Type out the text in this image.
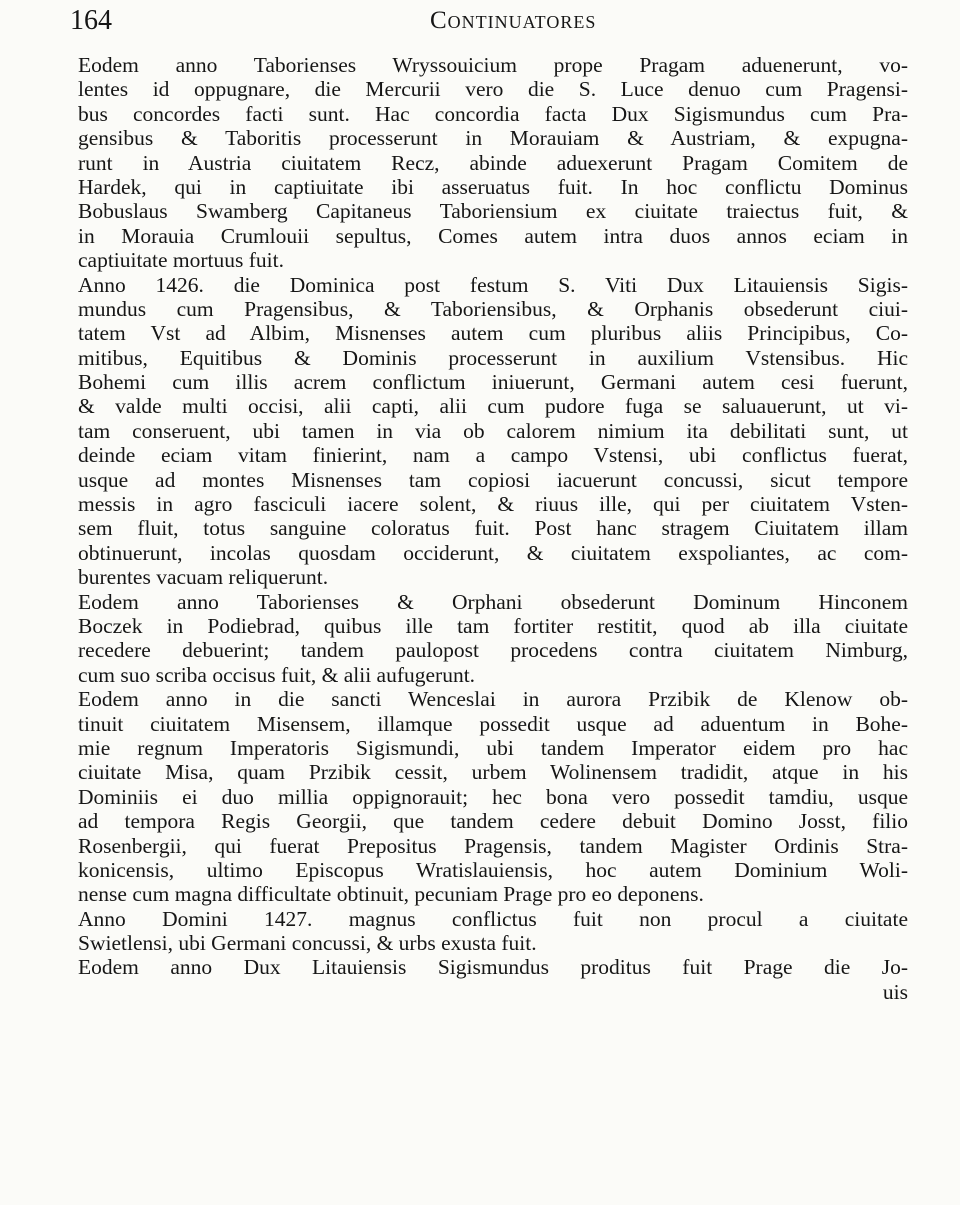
164	Continuatores
Eodem anno Taborienses Wryssouicium prope Pragam aduenerunt, vo-
lentes id oppugnare, die Mercurii vero die S. Luce denuo cum Pragensi-
bus concordes facti sunt. Hac concordia facta Dux Sigismundus cum Pra-
gensibus & Taboritis processerunt in Morauiam & Austriam, & expugna-
runt in Austria ciuitatem Recz, abinde aduexerunt Pragam Comitem de
Hardek, qui in captiuitate ibi asseruatus fuit. In hoc conflictu Dominus
Bobuslaus Swamberg Capitaneus Taboriensium ex ciuitate traiectus fuit, &
in Morauia Crumlouii sepultus, Comes autem intra duos annos eciam in
captiuitate mortuus fuit.
Anno 1426. die Dominica post festum S. Viti Dux Litauiensis Sigis-
mundus cum Pragensibus, & Taboriensibus, & Orphanis obsederunt ciui-
tatem Vst ad Albim, Misnenses autem cum pluribus aliis Principibus, Co-
mitibus, Equitibus & Dominis processerunt in auxilium Vstensibus. Hic
Bohemi cum illis acrem conflictum iniuerunt, Germani autem cesi fuerunt,
& valde multi occisi, alii capti, alii cum pudore fuga se saluauerunt, ut vi-
tam conseruent, ubi tamen in via ob calorem nimium ita debilitati sunt, ut
deinde eciam vitam finierint, nam a campo Vstensi, ubi conflictus fuerat,
usque ad montes Misnenses tam copiosi iacuerunt concussi, sicut tempore
messis in agro fasciculi iacere solent, & riuus ille, qui per ciuitatem Vsten-
sem fluit, totus sanguine coloratus fuit. Post hanc stragem Ciuitatem illam
obtinuerunt, incolas quosdam occiderunt, & ciuitatem exspoliantes, ac com-
burentes vacuam reliquerunt.
Eodem anno Taborienses & Orphani obsederunt Dominum Hinconem
Boczek in Podiebrad, quibus ille tam fortiter restitit, quod ab illa ciuitate
recedere debuerint; tandem paulopost procedens contra ciuitatem Nimburg,
cum suo scriba occisus fuit, & alii aufugerunt.
Eodem anno in die sancti Wenceslai in aurora Przibik de Klenow ob-
tinuit ciuitatem Misensem, illamque possedit usque ad aduentum in Bohe-
mie regnum Imperatoris Sigismundi, ubi tandem Imperator eidem pro hac
ciuitate Misa, quam Przibik cessit, urbem Wolinensem tradidit, atque in his
Dominiis ei duo millia oppignorauit; hec bona vero possedit tamdiu, usque
ad tempora Regis Georgii, que tandem cedere debuit Domino Josst, filio
Rosenbergii, qui fuerat Prepositus Pragensis, tandem Magister Ordinis Stra-
konicensis, ultimo Episcopus Wratislauiensis, hoc autem Dominium Woli-
nense cum magna difficultate obtinuit, pecuniam Prage pro eo deponens.
Anno Domini 1427. magnus conflictus fuit non procul a ciuitate
Swietlensi, ubi Germani concussi, & urbs exusta fuit.
Eodem anno Dux Litauiensis Sigismundus proditus fuit Prage die Jo-
uis
